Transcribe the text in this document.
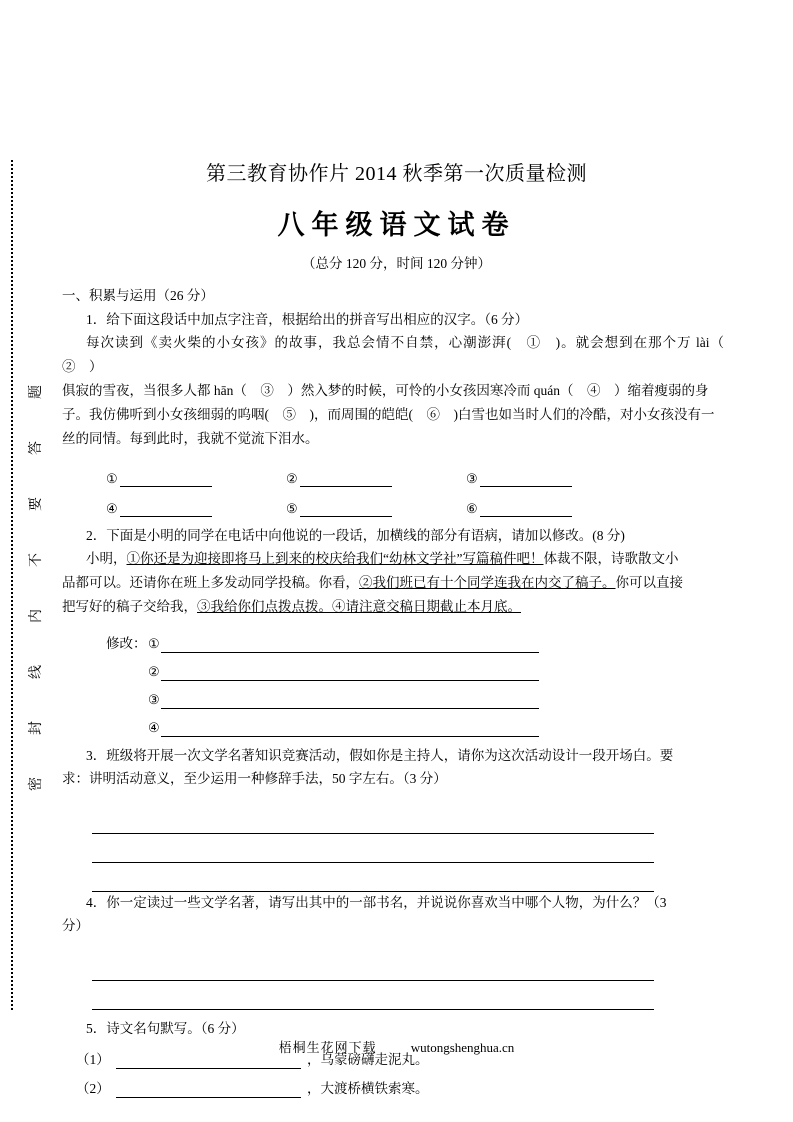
题
答
要
不
内
线
封
密
第三教育协作片 2014 秋季第一次质量检测
八年级语文试卷
（总分 120 分，时间 120 分钟）
一、积累与运用（26 分）
1．给下面这段话中加点字注音，根据给出的拼音写出相应的汉字。（6 分）
每次读到《卖火柴的小女孩》的故事，我总会情不自禁，心潮澎湃(　①　)。就会想到在那个万 lài（　②　）
俱寂的雪夜，当很多人都 hān（　③　）然入梦的时候，可怜的小女孩因寒冷而 quán（　④　）缩着瘦弱的身
子。我仿佛听到小女孩细弱的呜咽(　⑤　)，而周围的皑皑(　⑥　)白雪也如当时人们的冷酷，对小女孩没有一
丝的同情。每到此时，我就不觉流下泪水。
①	②	③
④	⑤	⑥
2．下面是小明的同学在电话中向他说的一段话，加横线的部分有语病，请加以修改。(8 分)
小明，①你还是为迎接即将马上到来的校庆给我们“幼林文学社”写篇稿件吧！体裁不限，诗歌散文小
品都可以。还请你在班上多发动同学投稿。你看，②我们班已有十个同学连我在内交了稿子。你可以直接
把写好的稿子交给我，③我给你们点拨点拨。④请注意交稿日期截止本月底。
修改： ①
②
③
④
3．班级将开展一次文学名著知识竞赛活动，假如你是主持人，请你为这次活动设计一段开场白。要
求：讲明活动意义，至少运用一种修辞手法，50 字左右。（3 分）
4．你一定读过一些文学名著，请写出其中的一部书名，并说说你喜欢当中哪个人物，为什么？（3
分）
5．诗文名句默写。（6 分）
（1）	，乌蒙磅礴走泥丸。
（2）	，大渡桥横铁索寒。
梧桐生花网下载	wutongshenghua.cn
